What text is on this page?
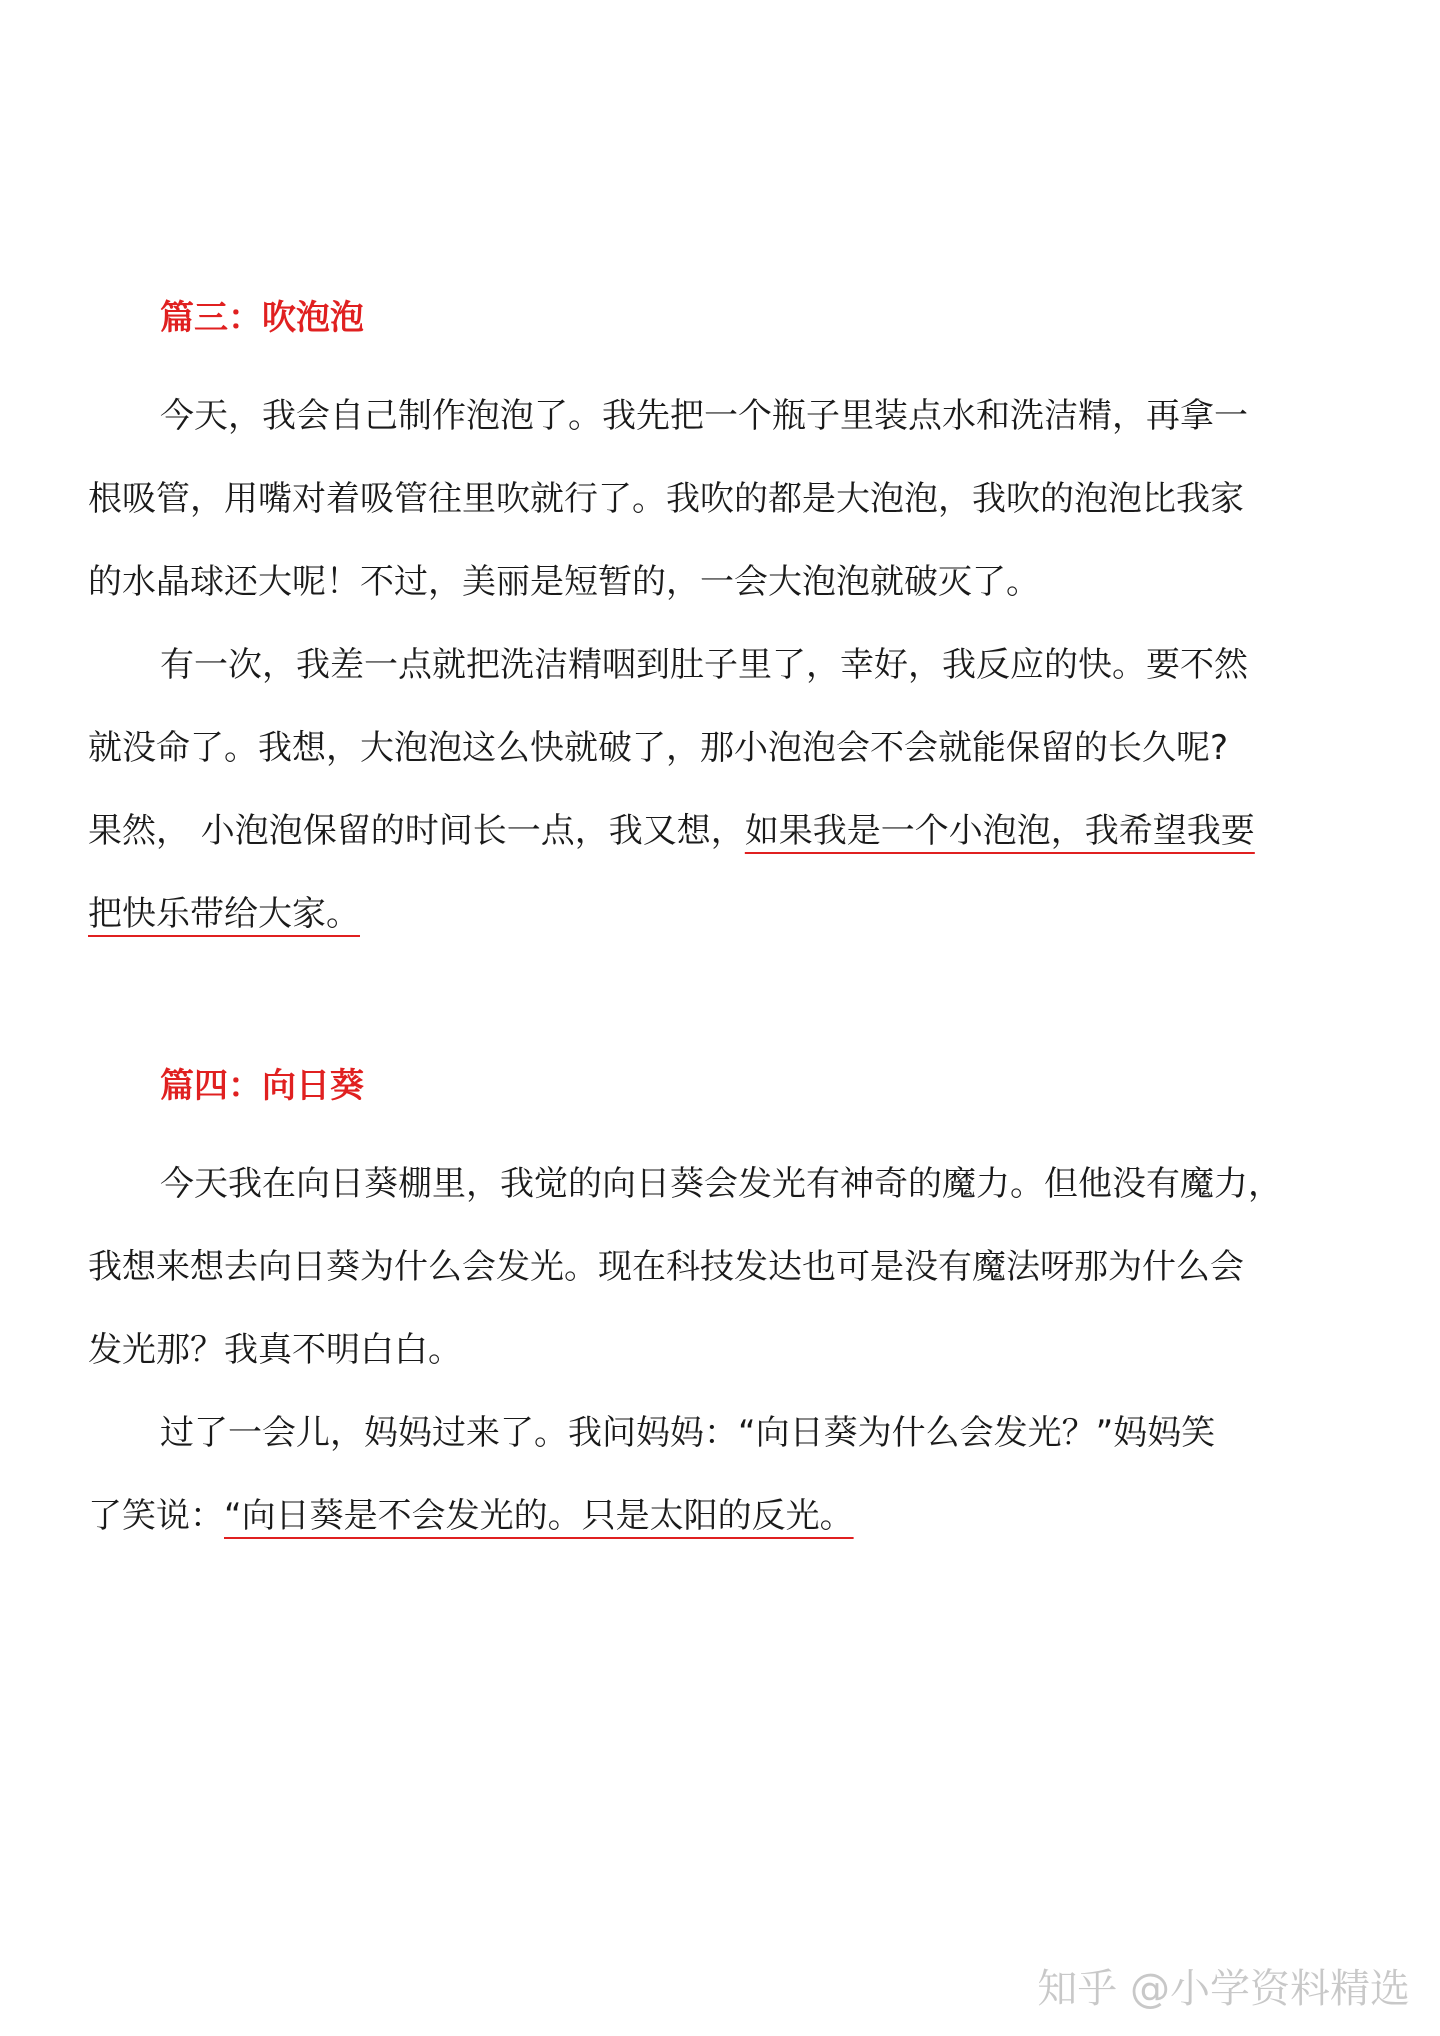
篇三：吹泡泡
今天，我会自己制作泡泡了。我先把一个瓶子里装点水和洗洁精，再拿一
根吸管，用嘴对着吸管往里吹就行了。我吹的都是大泡泡，我吹的泡泡比我家
的水晶球还大呢！不过，美丽是短暂的，一会大泡泡就破灭了。
有一次，我差一点就把洗洁精咽到肚子里了，幸好，我反应的快。要不然
就没命了。我想，大泡泡这么快就破了，那小泡泡会不会就能保留的长久呢?
果然， 小泡泡保留的时间长一点，我又想，如果我是一个小泡泡，我希望我要
把快乐带给大家。
篇四：向日葵
今天我在向日葵棚里，我觉的向日葵会发光有神奇的魔力。但他没有魔力，
我想来想去向日葵为什么会发光。现在科技发达也可是没有魔法呀那为什么会
发光那？我真不明白白。
过了一会儿，妈妈过来了。我问妈妈：“向日葵为什么会发光？”妈妈笑
了笑说：“向日葵是不会发光的。只是太阳的反光。
知乎 @小学资料精选
